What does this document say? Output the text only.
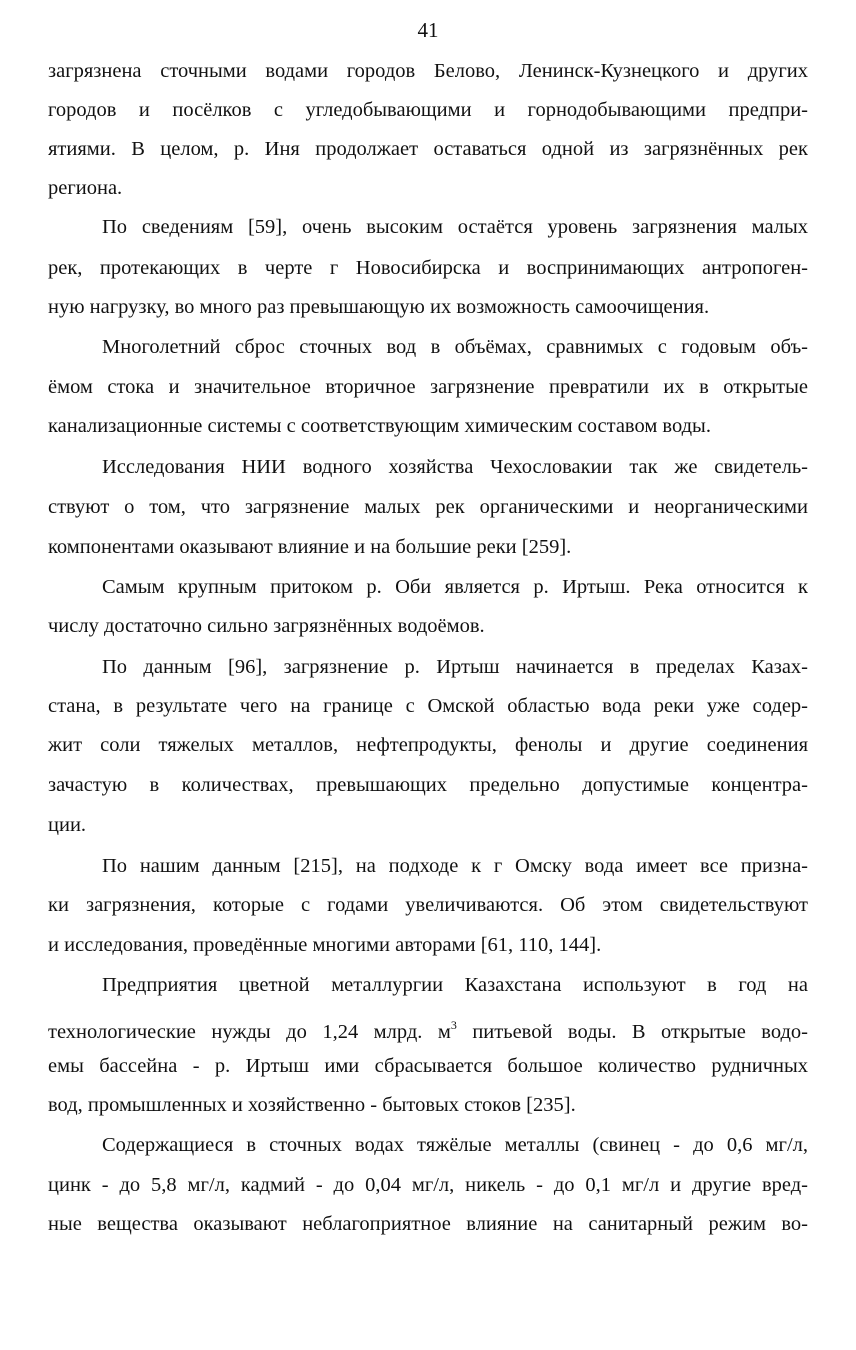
41
загрязнена сточными водами городов Белово, Ленинск-Кузнецкого и других
городов и посёлков с угледобывающими и горнодобывающими предпри-
ятиями. В целом, р. Иня продолжает оставаться одной из загрязнённых рек
региона.
По сведениям [59], очень высоким остаётся уровень загрязнения малых
рек, протекающих в черте г Новосибирска и воспринимающих антропоген-
ную нагрузку, во много раз превышающую их возможность самоочищения.
Многолетний сброс сточных вод в объёмах, сравнимых с годовым объ-
ёмом стока и значительное вторичное загрязнение превратили их в открытые
канализационные системы с соответствующим химическим составом воды.
Исследования НИИ водного хозяйства Чехословакии так же свидетель-
ствуют о том, что загрязнение малых рек органическими и неорганическими
компонентами оказывают влияние и на большие реки [259].
Самым крупным притоком р. Оби является р. Иртыш. Река относится к
числу достаточно сильно загрязнённых водоёмов.
По данным [96], загрязнение р. Иртыш начинается в пределах Казах-
стана, в результате чего на границе с Омской областью вода реки уже содер-
жит соли тяжелых металлов, нефтепродукты, фенолы и другие соединения
зачастую в количествах, превышающих предельно допустимые концентра-
ции.
По нашим данным [215], на подходе к г Омску вода имеет все призна-
ки загрязнения, которые с годами увеличиваются. Об этом свидетельствуют
и исследования, проведённые многими авторами [61, 110, 144].
Предприятия цветной металлургии Казахстана используют в год на
технологические нужды до 1,24 млрд. $м^3$ питьевой воды. В открытые водо-
емы бассейна - р. Иртыш ими сбрасывается большое количество рудничных
вод, промышленных и хозяйственно - бытовых стоков [235].
Содержащиеся в сточных водах тяжёлые металлы (свинец - до 0,6 мг/л,
цинк - до 5,8 мг/л, кадмий - до 0,04 мг/л, никель - до 0,1 мг/л и другие вред-
ные вещества оказывают неблагоприятное влияние на санитарный режим во-
